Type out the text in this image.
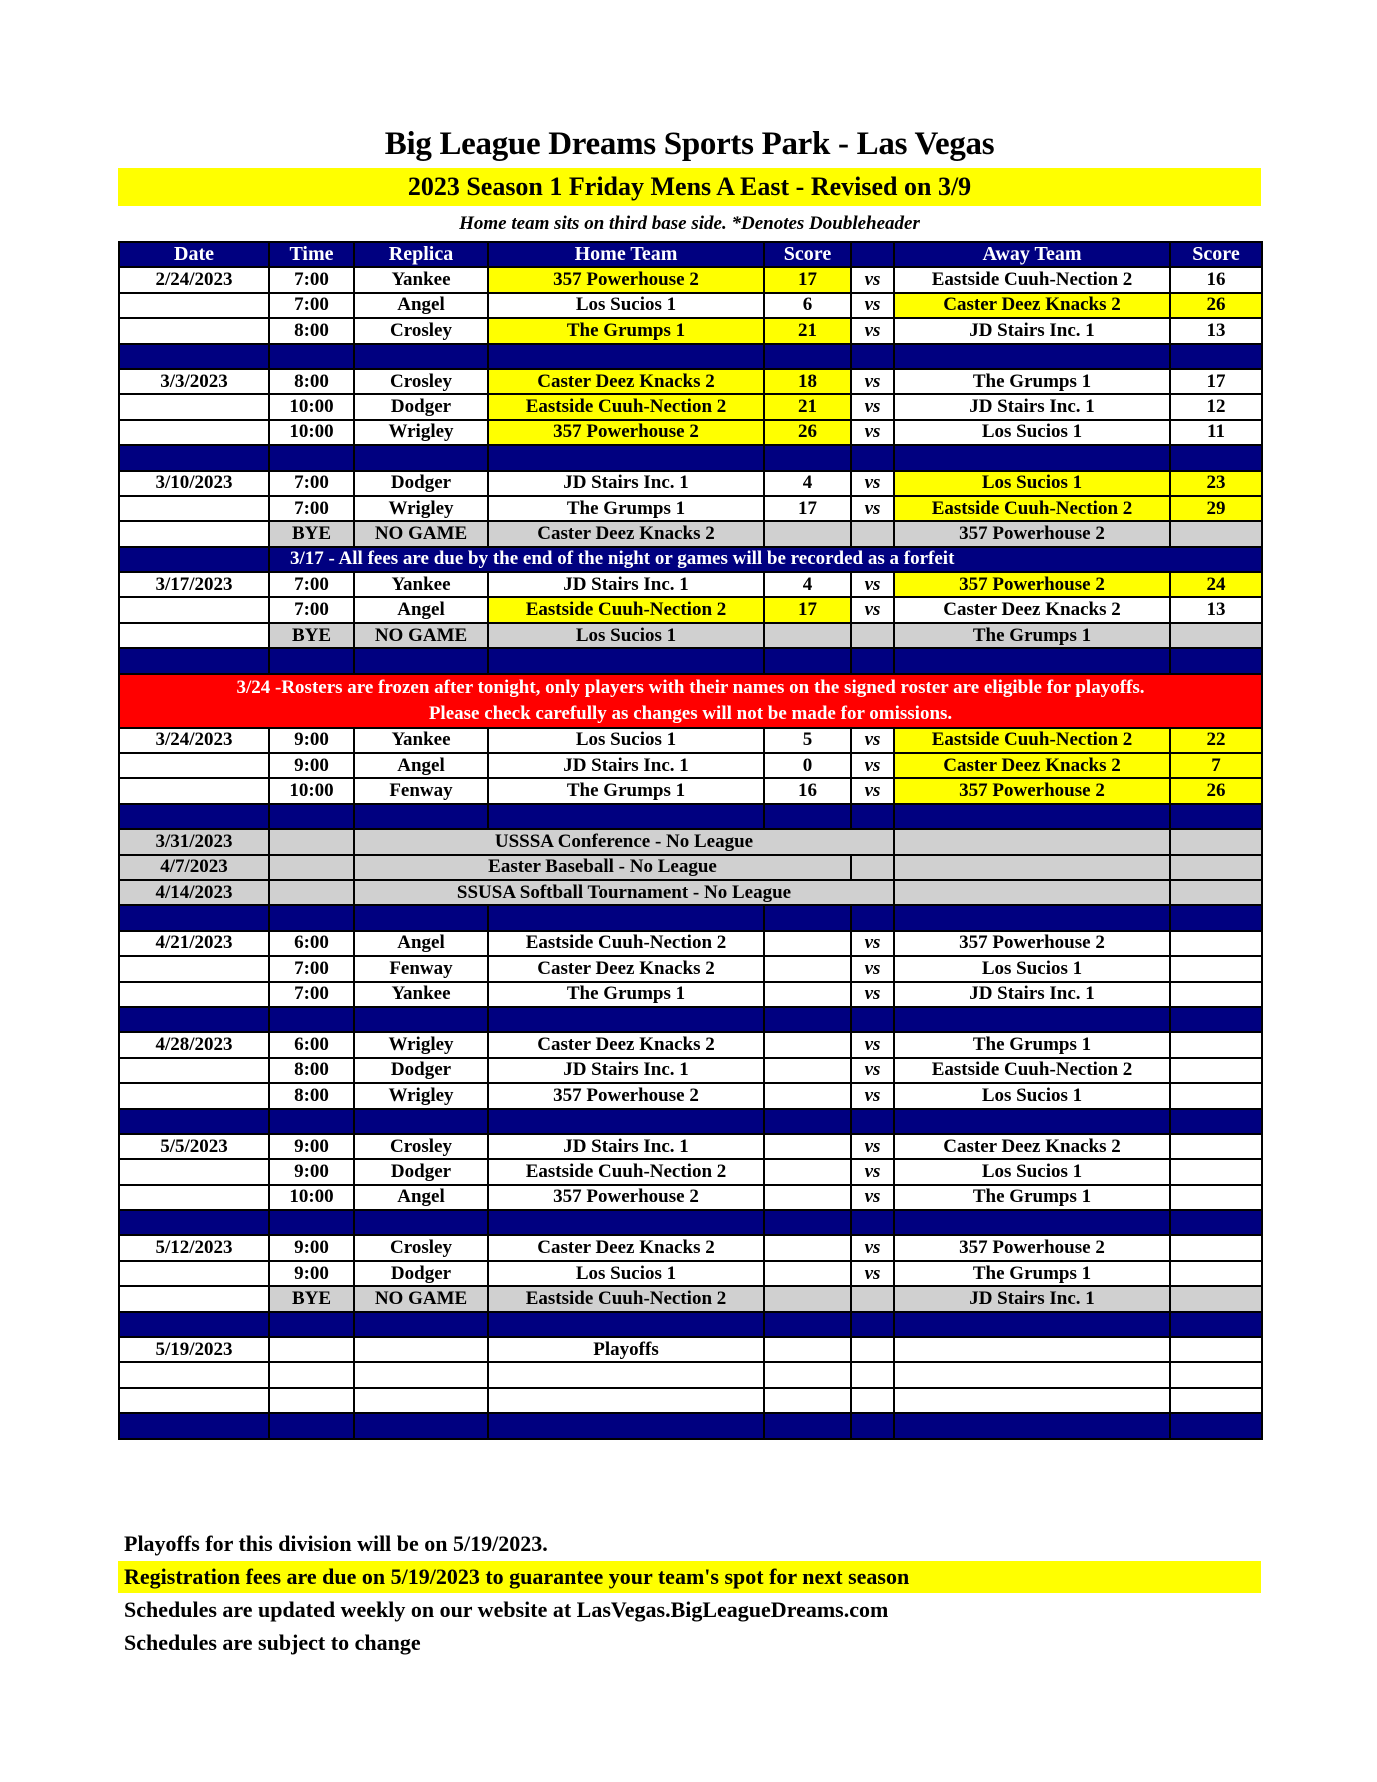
Big League Dreams Sports Park - Las Vegas
2023 Season 1 Friday Mens A East - Revised on 3/9
Home team sits on third base side. *Denotes Doubleheader
Date	Time	Replica	Home Team	Score		Away Team	Score
2/24/2023	7:00	Yankee	357 Powerhouse 2	17	vs	Eastside Cuuh-Nection 2	16
	7:00	Angel	Los Sucios 1	6	vs	Caster Deez Knacks 2	26
	8:00	Crosley	The Grumps 1	21	vs	JD Stairs Inc. 1	13

3/3/2023	8:00	Crosley	Caster Deez Knacks 2	18	vs	The Grumps 1	17
	10:00	Dodger	Eastside Cuuh-Nection 2	21	vs	JD Stairs Inc. 1	12
	10:00	Wrigley	357 Powerhouse 2	26	vs	Los Sucios 1	11

3/10/2023	7:00	Dodger	JD Stairs Inc. 1	4	vs	Los Sucios 1	23
	7:00	Wrigley	The Grumps 1	17	vs	Eastside Cuuh-Nection 2	29
	BYE	NO GAME	Caster Deez Knacks 2			357 Powerhouse 2	
	3/17 - All fees are due by the end of the night or games will be recorded as a forfeit						
3/17/2023	7:00	Yankee	JD Stairs Inc. 1	4	vs	357 Powerhouse 2	24
	7:00	Angel	Eastside Cuuh-Nection 2	17	vs	Caster Deez Knacks 2	13
	BYE	NO GAME	Los Sucios 1			The Grumps 1	

3/24 -Rosters are frozen after tonight, only players with their names on the signed roster are eligible for playoffs.
Please check carefully as changes will not be made for omissions.							

3/24/2023	9:00	Yankee	Los Sucios 1	5	vs	Eastside Cuuh-Nection 2	22
	9:00	Angel	JD Stairs Inc. 1	0	vs	Caster Deez Knacks 2	7
	10:00	Fenway	The Grumps 1	16	vs	357 Powerhouse 2	26

3/31/2023		USSSA Conference - No League					
4/7/2023		Easter Baseball - No League					
4/14/2023		SSUSA Softball Tournament - No League					

4/21/2023	6:00	Angel	Eastside Cuuh-Nection 2		vs	357 Powerhouse 2	
	7:00	Fenway	Caster Deez Knacks 2		vs	Los Sucios 1	
	7:00	Yankee	The Grumps 1		vs	JD Stairs Inc. 1	

4/28/2023	6:00	Wrigley	Caster Deez Knacks 2		vs	The Grumps 1	
	8:00	Dodger	JD Stairs Inc. 1		vs	Eastside Cuuh-Nection 2	
	8:00	Wrigley	357 Powerhouse 2		vs	Los Sucios 1	

5/5/2023	9:00	Crosley	JD Stairs Inc. 1		vs	Caster Deez Knacks 2	
	9:00	Dodger	Eastside Cuuh-Nection 2		vs	Los Sucios 1	
	10:00	Angel	357 Powerhouse 2		vs	The Grumps 1	

5/12/2023	9:00	Crosley	Caster Deez Knacks 2		vs	357 Powerhouse 2	
	9:00	Dodger	Los Sucios 1		vs	The Grumps 1	
	BYE	NO GAME	Eastside Cuuh-Nection 2			JD Stairs Inc. 1	

5/19/2023			Playoffs				

Playoffs for this division will be on 5/19/2023.
Registration fees are due on 5/19/2023 to guarantee your team's spot for next season
Schedules are updated weekly on our website at LasVegas.BigLeagueDreams.com
Schedules are subject to change
